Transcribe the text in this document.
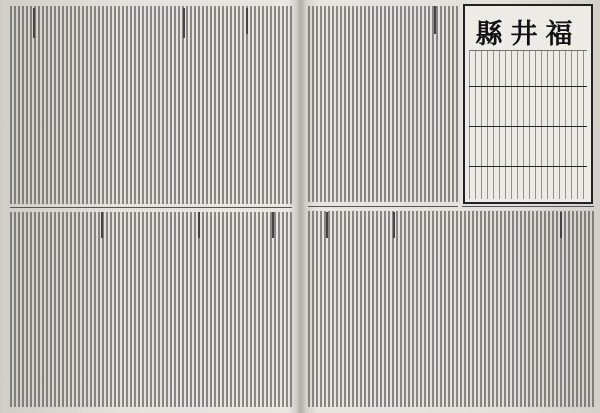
福井縣
